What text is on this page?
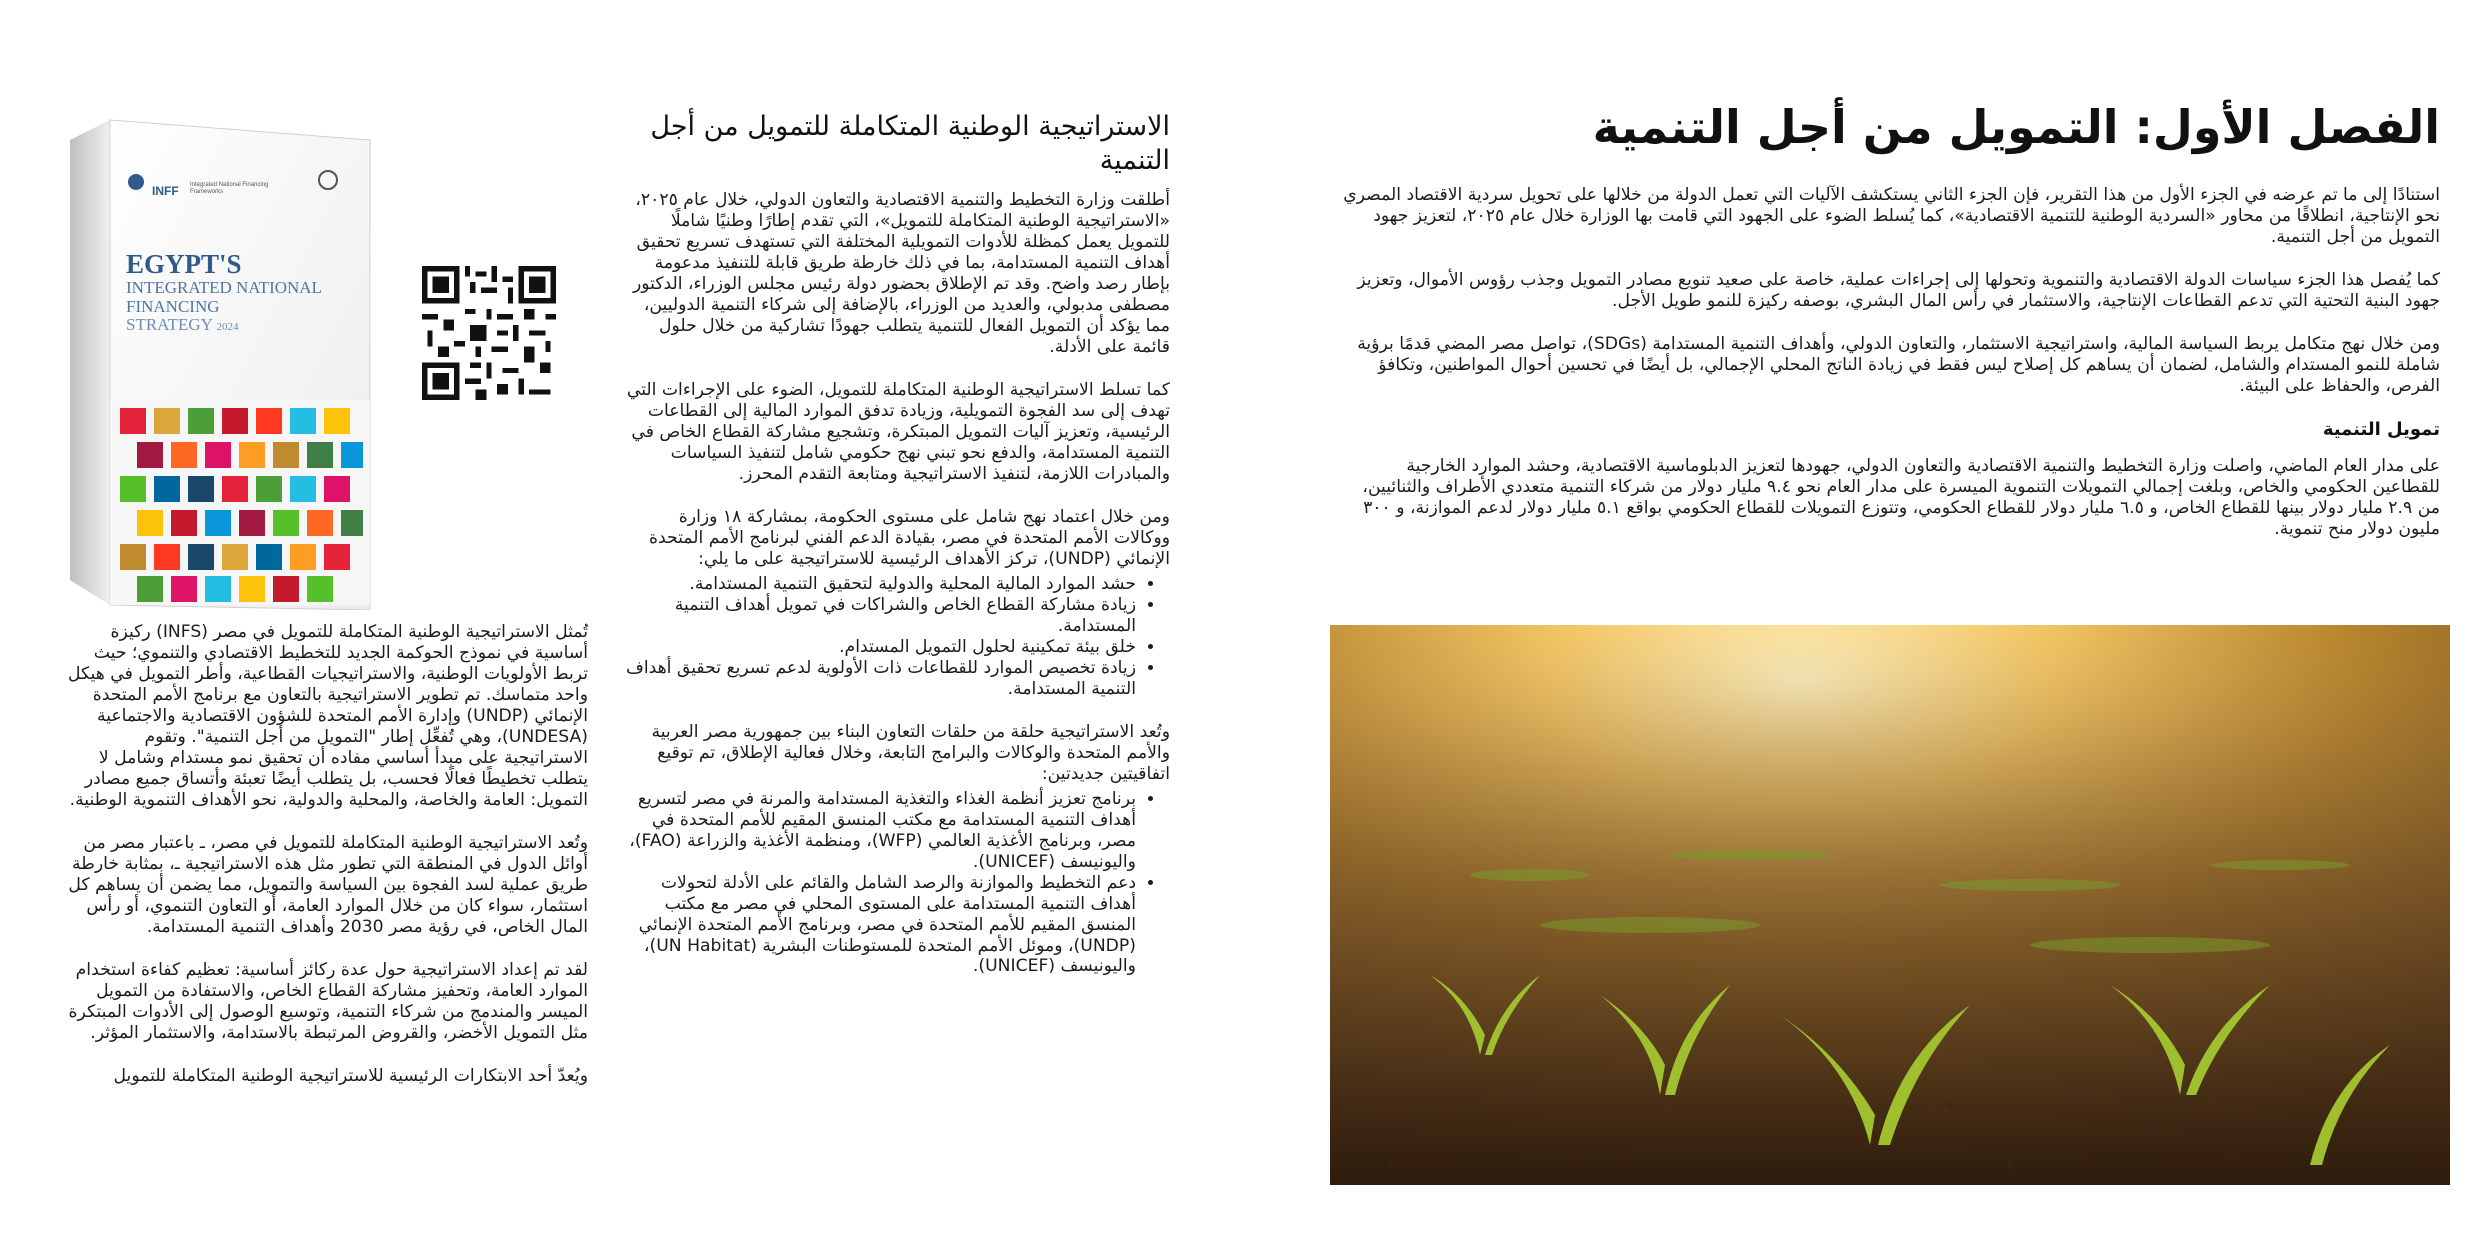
الفصل الأول: التمويل من أجل التنمية

استنادًا إلى ما تم عرضه في الجزء الأول من هذا التقرير، فإن الجزء الثاني يستكشف الآليات التي تعمل الدولة من خلالها على تحويل سردية الاقتصاد المصري نحو الإنتاجية، انطلاقًا من محاور «السردية الوطنية للتنمية الاقتصادية»، كما يُسلط الضوء على الجهود التي قامت بها الوزارة خلال عام ٢٠٢٥، لتعزيز جهود التمويل من أجل التنمية.

كما يُفصل هذا الجزء سياسات الدولة الاقتصادية والتنموية وتحولها إلى إجراءات عملية، خاصة على صعيد تنويع مصادر التمويل وجذب رؤوس الأموال، وتعزيز جهود البنية التحتية التي تدعم القطاعات الإنتاجية، والاستثمار في رأس المال البشري، بوصفه ركيزة للنمو طويل الأجل.

ومن خلال نهج متكامل يربط السياسة المالية، واستراتيجية الاستثمار، والتعاون الدولي، وأهداف التنمية المستدامة (SDGs)، تواصل مصر المضي قدمًا برؤية شاملة للنمو المستدام والشامل، لضمان أن يساهم كل إصلاح ليس فقط في زيادة الناتج المحلي الإجمالي، بل أيضًا في تحسين أحوال المواطنين، وتكافؤ الفرص، والحفاظ على البيئة.

تمويل التنمية

على مدار العام الماضي، واصلت وزارة التخطيط والتنمية الاقتصادية والتعاون الدولي، جهودها لتعزيز الدبلوماسية الاقتصادية، وحشد الموارد الخارجية للقطاعين الحكومي والخاص، وبلغت إجمالي التمويلات التنموية الميسرة على مدار العام نحو ٩.٤ مليار دولار من شركاء التنمية متعددي الأطراف والثنائيين، من ٢.٩ مليار دولار بينها للقطاع الخاص، و ٦.٥ مليار دولار للقطاع الحكومي، وتتوزع التمويلات للقطاع الحكومي بواقع ٥.١ مليار دولار لدعم الموازنة، و ٣٠٠ مليون دولار منح تنموية.

الاستراتيجية الوطنية المتكاملة للتمويل من أجل التنمية

أطلقت وزارة التخطيط والتنمية الاقتصادية والتعاون الدولي، خلال عام ٢٠٢٥، «الاستراتيجية الوطنية المتكاملة للتمويل»، التي تقدم إطارًا وطنيًا شاملًا للتمويل يعمل كمظلة للأدوات التمويلية المختلفة التي تستهدف تسريع تحقيق أهداف التنمية المستدامة، بما في ذلك خارطة طريق قابلة للتنفيذ مدعومة بإطار رصد واضح. وقد تم الإطلاق بحضور دولة رئيس مجلس الوزراء، الدكتور مصطفى مدبولي، والعديد من الوزراء، بالإضافة إلى شركاء التنمية الدوليين، مما يؤكد أن التمويل الفعال للتنمية يتطلب جهودًا تشاركية من خلال حلول قائمة على الأدلة.

كما تسلط الاستراتيجية الوطنية المتكاملة للتمويل، الضوء على الإجراءات التي تهدف إلى سد الفجوة التمويلية، وزيادة تدفق الموارد المالية إلى القطاعات الرئيسية، وتعزيز آليات التمويل المبتكرة، وتشجيع مشاركة القطاع الخاص في التنمية المستدامة، والدفع نحو تبني نهج حكومي شامل لتنفيذ السياسات والمبادرات اللازمة، لتنفيذ الاستراتيجية ومتابعة التقدم المحرز.

ومن خلال اعتماد نهج شامل على مستوى الحكومة، بمشاركة ١٨ وزارة ووكالات الأمم المتحدة في مصر، بقيادة الدعم الفني لبرنامج الأمم المتحدة الإنمائي (UNDP)، تركز الأهداف الرئيسية للاستراتيجية على ما يلي:

• حشد الموارد المالية المحلية والدولية لتحقيق التنمية المستدامة.
• زيادة مشاركة القطاع الخاص والشراكات في تمويل أهداف التنمية المستدامة.
• خلق بيئة تمكينية لحلول التمويل المستدام.
• زيادة تخصيص الموارد للقطاعات ذات الأولوية لدعم تسريع تحقيق أهداف التنمية المستدامة.

وتُعد الاستراتيجية حلقة من حلقات التعاون البناء بين جمهورية مصر العربية والأمم المتحدة والوكالات والبرامج التابعة، وخلال فعالية الإطلاق، تم توقيع اتفاقيتين جديدتين:

• برنامج تعزيز أنظمة الغذاء والتغذية المستدامة والمرنة في مصر لتسريع أهداف التنمية المستدامة مع مكتب المنسق المقيم للأمم المتحدة في مصر، وبرنامج الأغذية العالمي (WFP)، ومنظمة الأغذية والزراعة (FAO)، واليونيسف (UNICEF).
• دعم التخطيط والموازنة والرصد الشامل والقائم على الأدلة لتحولات أهداف التنمية المستدامة على المستوى المحلي في مصر مع مكتب المنسق المقيم للأمم المتحدة في مصر، وبرنامج الأمم المتحدة الإنمائي (UNDP)، وموئل الأمم المتحدة للمستوطنات البشرية (UN Habitat)، واليونيسف (UNICEF).
INFF Integrated National Financing Frameworks
EGYPT'S
INTEGRATED NATIONAL
FINANCING
STRATEGY 2024

تُمثل الاستراتيجية الوطنية المتكاملة للتمويل في مصر (INFS) ركيزة أساسية في نموذج الحوكمة الجديد للتخطيط الاقتصادي والتنموي؛ حيث تربط الأولويات الوطنية، والاستراتيجيات القطاعية، وأطر التمويل في هيكل واحد متماسك. تم تطوير الاستراتيجية بالتعاون مع برنامج الأمم المتحدة الإنمائي (UNDP) وإدارة الأمم المتحدة للشؤون الاقتصادية والاجتماعية (UNDESA)، وهي تُفعِّل إطار "التمويل من أجل التنمية". وتقوم الاستراتيجية على مبدأ أساسي مفاده أن تحقيق نمو مستدام وشامل لا يتطلب تخطيطًا فعالًا فحسب، بل يتطلب أيضًا تعبئة وأتساق جميع مصادر التمويل: العامة والخاصة، والمحلية والدولية، نحو الأهداف التنموية الوطنية.

وتُعد الاستراتيجية الوطنية المتكاملة للتمويل في مصر، ـ باعتبار مصر من أوائل الدول في المنطقة التي تطور مثل هذه الاستراتيجية ـ، بمثابة خارطة طريق عملية لسد الفجوة بين السياسة والتمويل، مما يضمن أن يساهم كل استثمار، سواء كان من خلال الموارد العامة، أو التعاون التنموي، أو رأس المال الخاص، في رؤية مصر 2030 وأهداف التنمية المستدامة.

لقد تم إعداد الاستراتيجية حول عدة ركائز أساسية: تعظيم كفاءة استخدام الموارد العامة، وتحفيز مشاركة القطاع الخاص، والاستفادة من التمويل الميسر والمندمج من شركاء التنمية، وتوسيع الوصول إلى الأدوات المبتكرة مثل التمويل الأخضر، والقروض المرتبطة بالاستدامة، والاستثمار المؤثر.

ويُعدّ أحد الابتكارات الرئيسية للاستراتيجية الوطنية المتكاملة للتمويل
